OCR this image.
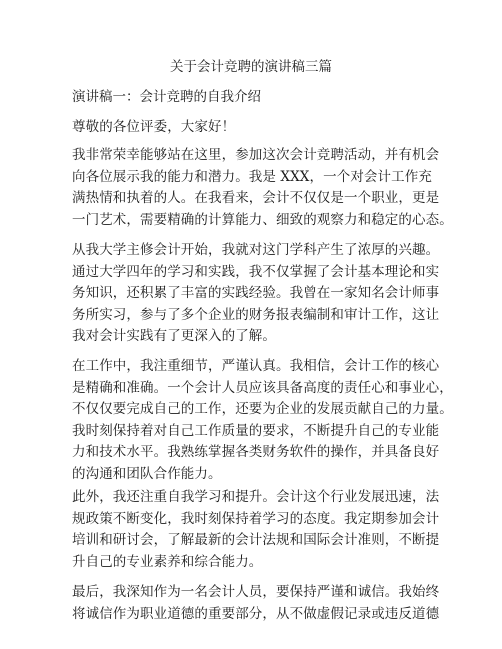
关于会计竞聘的演讲稿三篇

演讲稿一：会计竞聘的自我介绍

尊敬的各位评委，大家好！

我非常荣幸能够站在这里，参加这次会计竞聘活动，并有机会
向各位展示我的能力和潜力。我是 XXX，一个对会计工作充
满热情和执着的人。在我看来，会计不仅仅是一个职业，更是
一门艺术，需要精确的计算能力、细致的观察力和稳定的心态。

从我大学主修会计开始，我就对这门学科产生了浓厚的兴趣。
通过大学四年的学习和实践，我不仅掌握了会计基本理论和实
务知识，还积累了丰富的实践经验。我曾在一家知名会计师事
务所实习，参与了多个企业的财务报表编制和审计工作，这让
我对会计实践有了更深入的了解。

在工作中，我注重细节，严谨认真。我相信，会计工作的核心
是精确和准确。一个会计人员应该具备高度的责任心和事业心，
不仅仅要完成自己的工作，还要为企业的发展贡献自己的力量。
我时刻保持着对自己工作质量的要求，不断提升自己的专业能
力和技术水平。我熟练掌握各类财务软件的操作，并具备良好
的沟通和团队合作能力。

此外，我还注重自我学习和提升。会计这个行业发展迅速，法
规政策不断变化，我时刻保持着学习的态度。我定期参加会计
培训和研讨会，了解最新的会计法规和国际会计准则，不断提
升自己的专业素养和综合能力。

最后，我深知作为一名会计人员，要保持严谨和诚信。我始终
将诚信作为职业道德的重要部分，从不做虚假记录或违反道德
